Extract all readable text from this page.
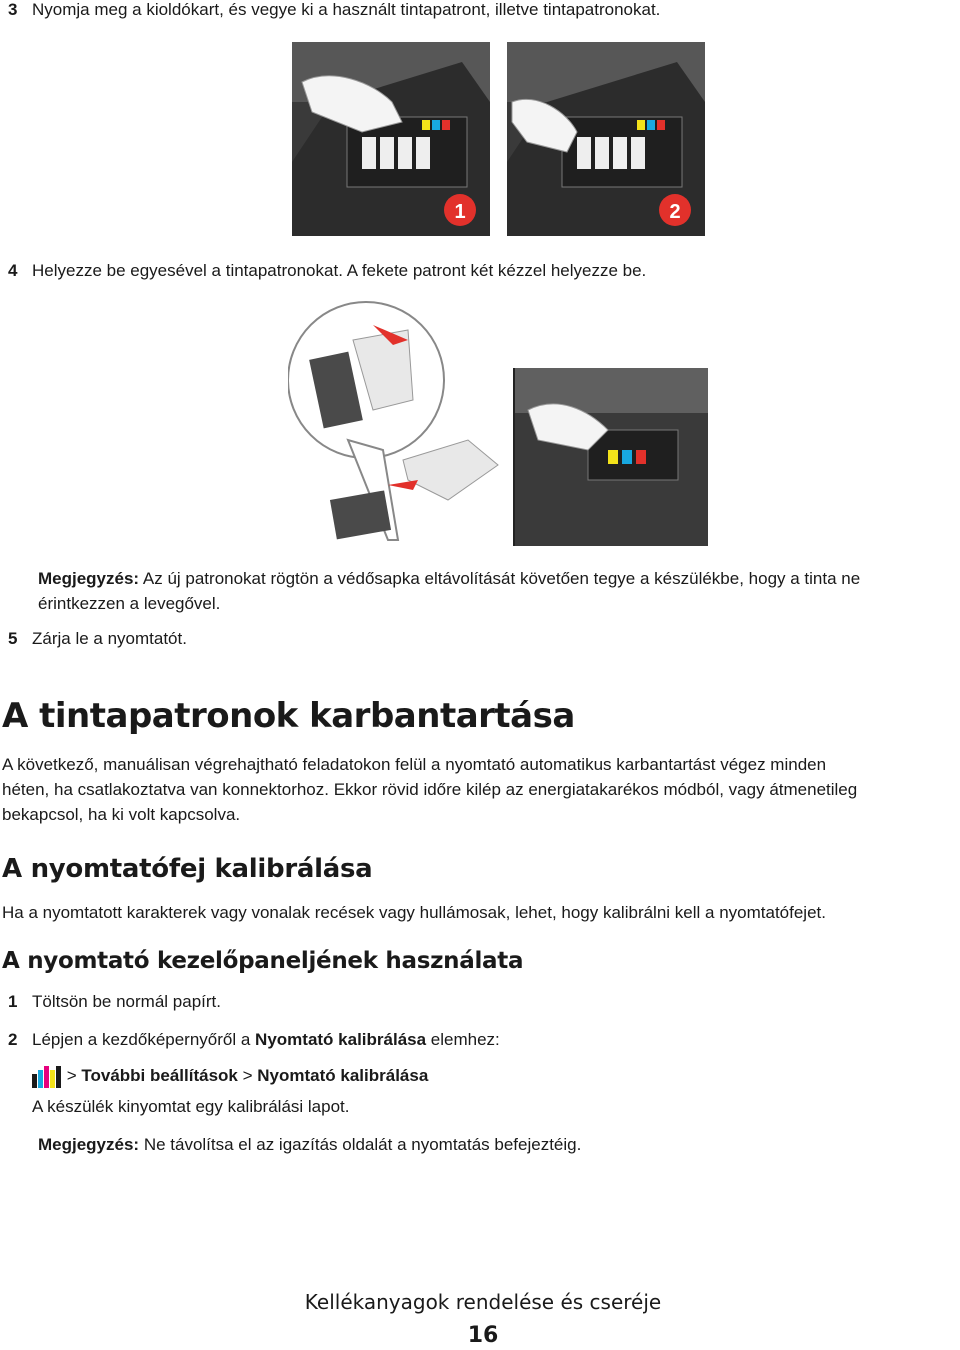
3 Nyomja meg a kioldókart, és vegye ki a használt tintapatront, illetve tintapatronokat.
1	2
4 Helyezze be egyesével a tintapatronokat. A fekete patront két kézzel helyezze be.
Megjegyzés: Az új patronokat rögtön a védősapka eltávolítását követően tegye a készülékbe, hogy a tinta ne
érintkezzen a levegővel.
5 Zárja le a nyomtatót.
A tintapatronok karbantartása
A következő, manuálisan végrehajtható feladatokon felül a nyomtató automatikus karbantartást végez minden
héten, ha csatlakoztatva van konnektorhoz. Ekkor rövid időre kilép az energiatakarékos módból, vagy átmenetileg
bekapcsol, ha ki volt kapcsolva.
A nyomtatófej kalibrálása
Ha a nyomtatott karakterek vagy vonalak recések vagy hullámosak, lehet, hogy kalibrálni kell a nyomtatófejet.
A nyomtató kezelőpaneljének használata
1 Töltsön be normál papírt.
2 Lépjen a kezdőképernyőről a Nyomtató kalibrálása elemhez:
> További beállítások > Nyomtató kalibrálása
A készülék kinyomtat egy kalibrálási lapot.
Megjegyzés: Ne távolítsa el az igazítás oldalát a nyomtatás befejeztéig.
Kellékanyagok rendelése és cseréje
16
